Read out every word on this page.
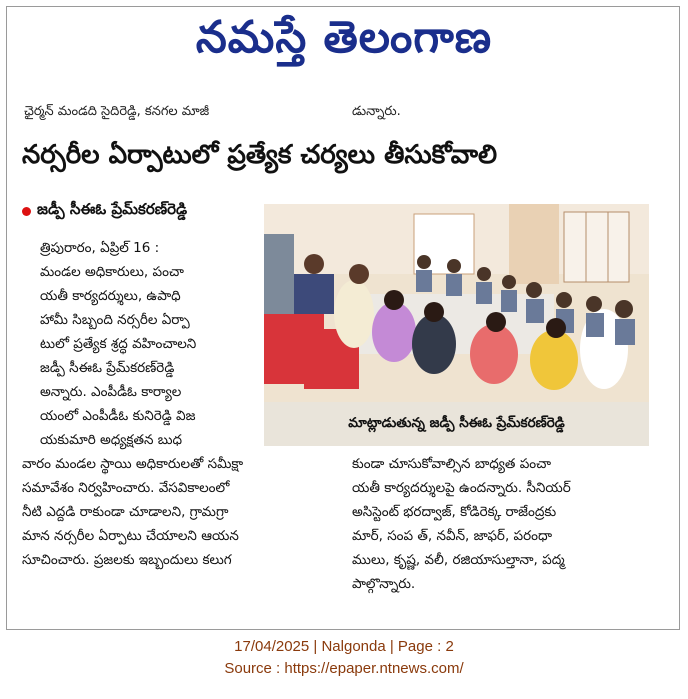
నమస్తే తెలంగాణ
ఛైర్మన్ మండది సైదిరెడ్డి, కనగల మాజీ	డున్నారు.
నర్సరీల ఏర్పాటులో ప్రత్యేక చర్యలు తీసుకోవాలి
జడ్పీ సీఈఓ ప్రేమ్‌కరణ్‌రెడ్డి
త్రిపురారం, ఏప్రిల్ 16 :
మండల అధికారులు, పంచా
యతీ కార్యదర్శులు, ఉపాధి
హామీ సిబ్బంది నర్సరీల ఏర్పా
టులో ప్రత్యేక శ్రద్ధ వహించాలని
జడ్పీ సీఈఓ ప్రేమ్‌కరణ్‌రెడ్డి
అన్నారు. ఎంపీడీఓ కార్యాల
యంలో ఎంపీడీఓ కునిరెడ్డి విజ
యకుమారి అధ్యక్షతన బుధ
వారం మండల స్థాయి అధికారులతో సమీక్షా
సమావేశం నిర్వహించారు. వేసవికాలంలో
నీటి ఎద్దడి రాకుండా చూడాలని, గ్రామగ్రా
మాన నర్సరీల ఏర్పాటు చేయాలని ఆయన
సూచించారు. ప్రజలకు ఇబ్బందులు కలుగ
కుండా చూసుకోవాల్సిన బాధ్యత పంచా
యతీ కార్యదర్శులపై ఉందన్నారు. సీనియర్
అసిస్టెంట్ భరద్వాజ్, కోడిరెక్క రాజేంద్రకు
మార్, సంప త్, నవీన్, జాఫర్, పరంధా
ములు, కృష్ణ, వలీ, రజియాసుల్తానా, పద్మ
పాల్గొన్నారు.
మాట్లాడుతున్న జడ్పీ సీఈఓ ప్రేమ్‌కరణ్‌రెడ్డి
17/04/2025 | Nalgonda | Page : 2
Source : https://epaper.ntnews.com/
